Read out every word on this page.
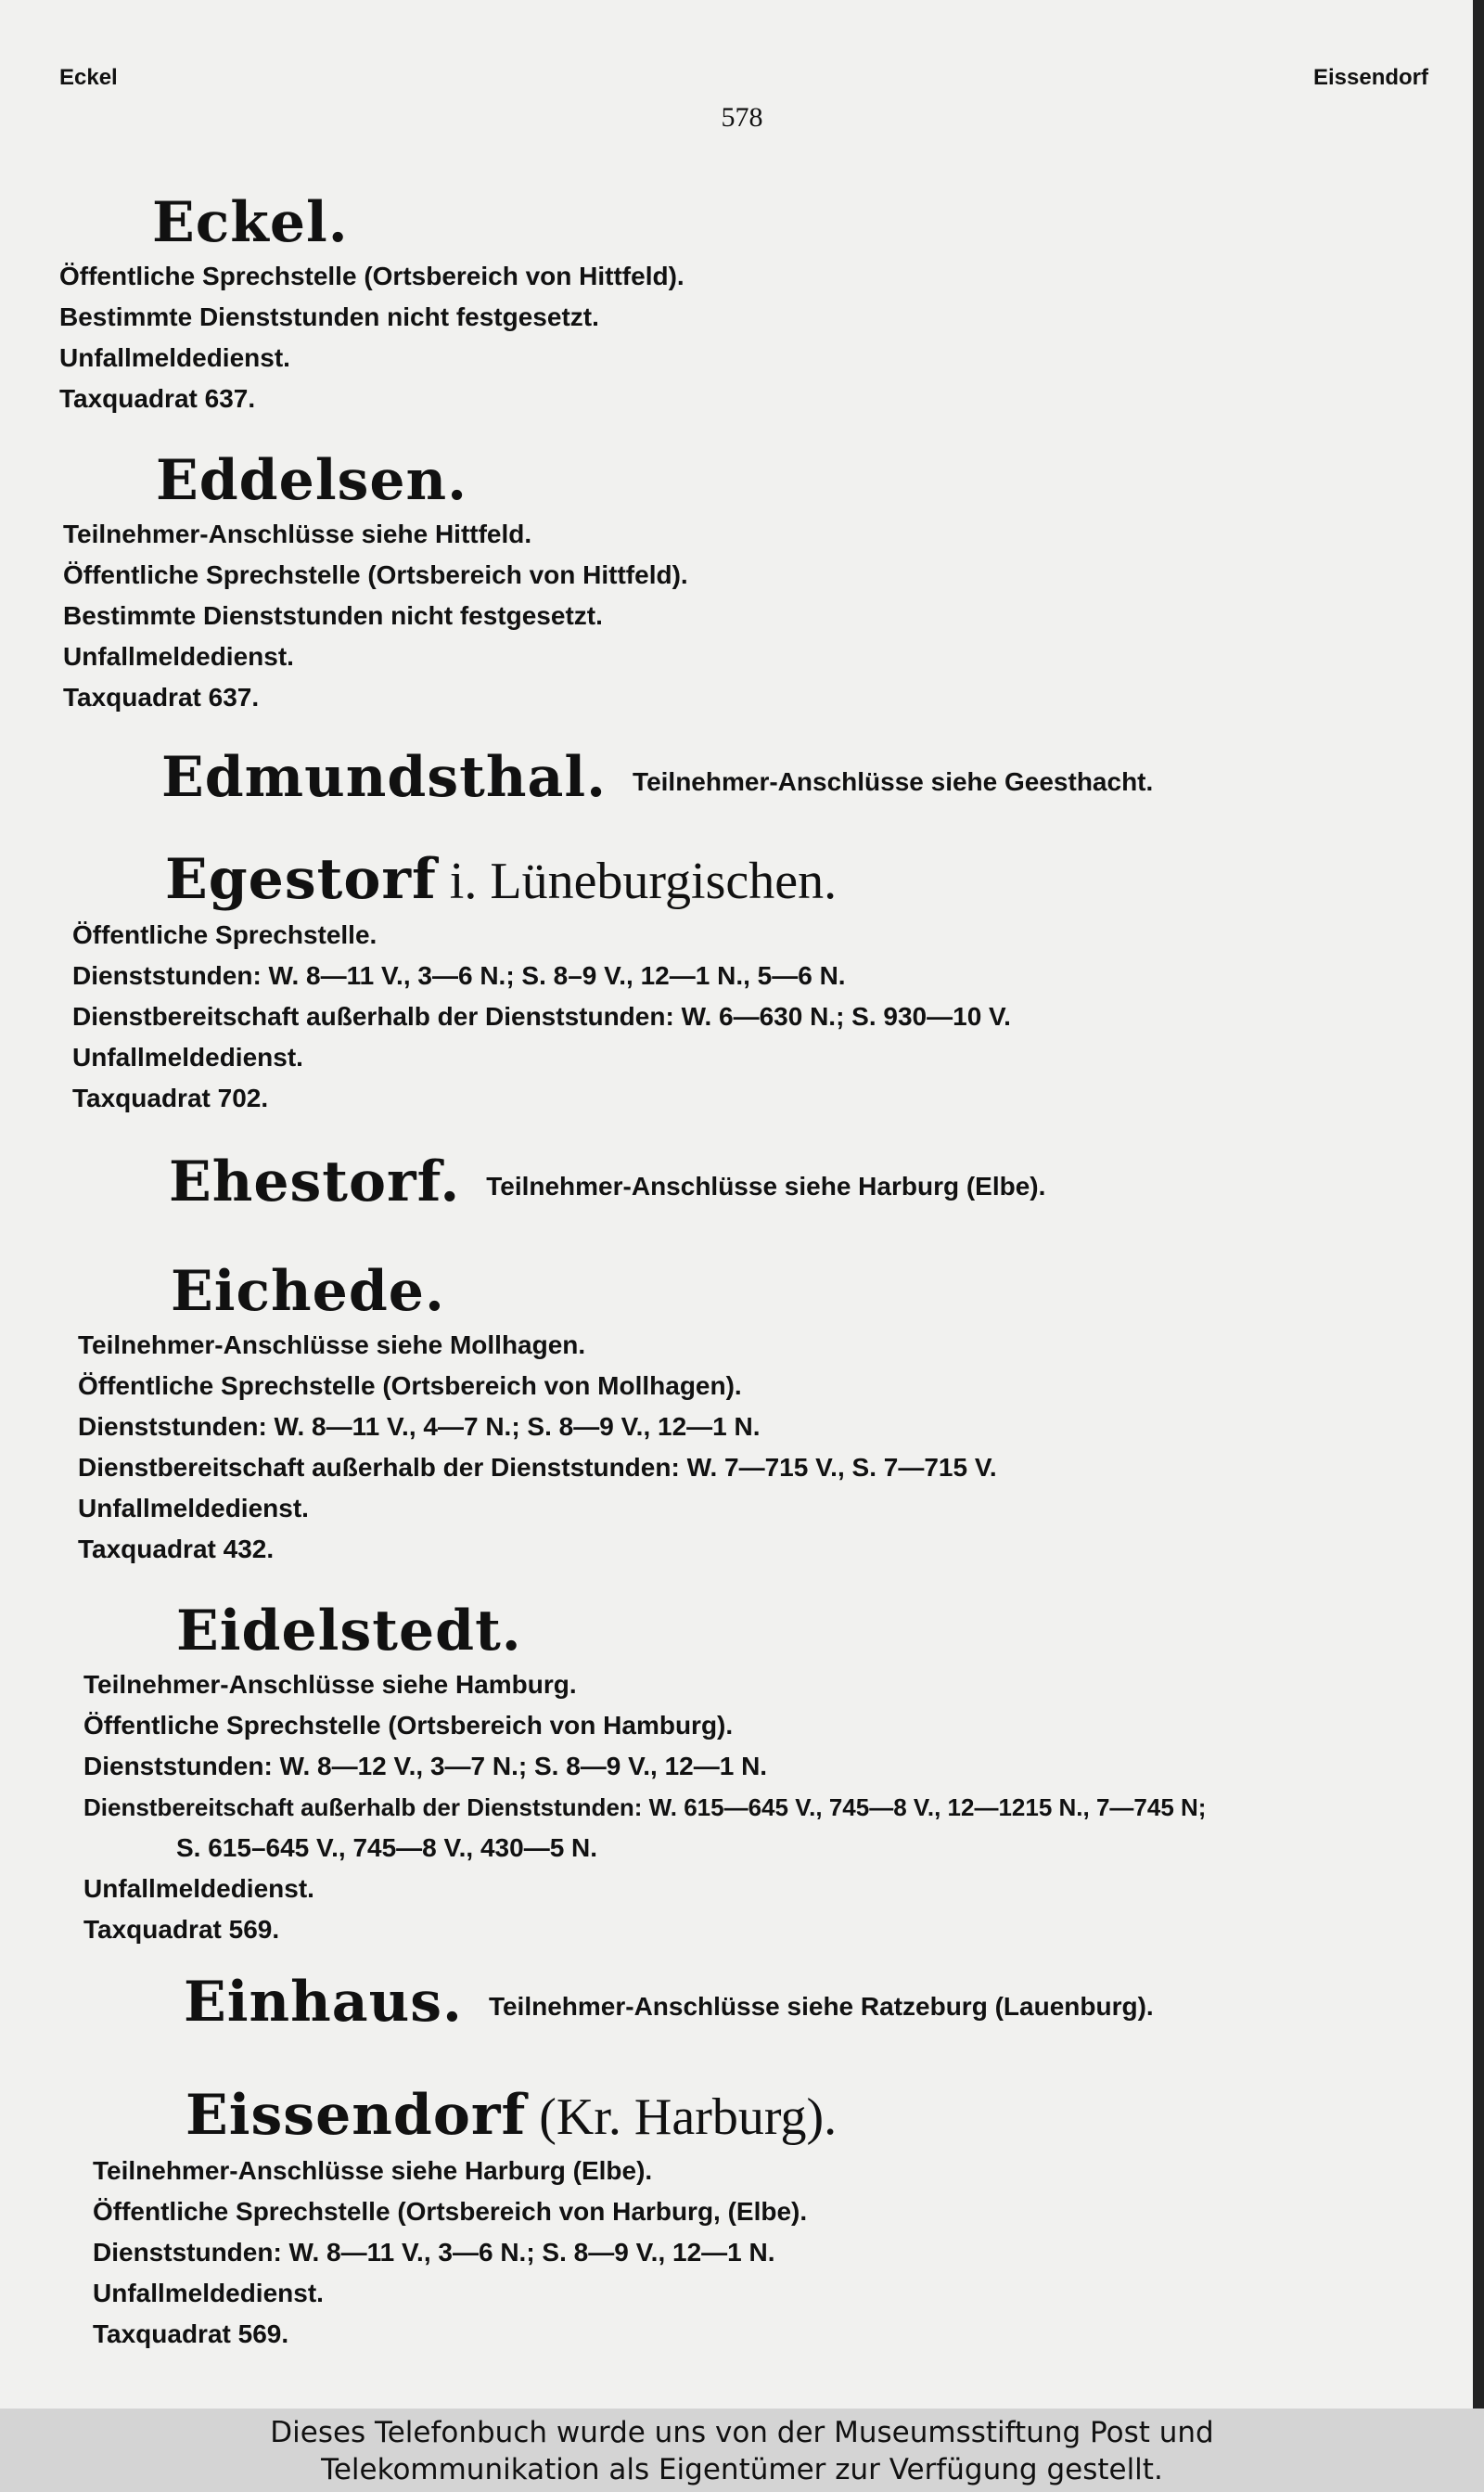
Eckel	Eissendorf
578
Eckel.
Öffentliche Sprechstelle (Ortsbereich von Hittfeld).
Bestimmte Dienststunden nicht festgesetzt.
Unfallmeldedienst.
Taxquadrat 637.
Eddelsen.
Teilnehmer-Anschlüsse siehe Hittfeld.
Öffentliche Sprechstelle (Ortsbereich von Hittfeld).
Bestimmte Dienststunden nicht festgesetzt.
Unfallmeldedienst.
Taxquadrat 637.
Edmundsthal. Teilnehmer-Anschlüsse siehe Geesthacht.
Egestorf i. Lüneburgischen.
Öffentliche Sprechstelle.
Dienststunden: W. 8—11 V., 3—6 N.; S. 8–9 V., 12—1 N., 5—6 N.
Dienstbereitschaft außerhalb der Dienststunden: W. 6—630 N.; S. 930—10 V.
Unfallmeldedienst.
Taxquadrat 702.
Ehestorf. Teilnehmer-Anschlüsse siehe Harburg (Elbe).
Eichede.
Teilnehmer-Anschlüsse siehe Mollhagen.
Öffentliche Sprechstelle (Ortsbereich von Mollhagen).
Dienststunden: W. 8—11 V., 4—7 N.; S. 8—9 V., 12—1 N.
Dienstbereitschaft außerhalb der Dienststunden: W. 7—715 V., S. 7—715 V.
Unfallmeldedienst.
Taxquadrat 432.
Eidelstedt.
Teilnehmer-Anschlüsse siehe Hamburg.
Öffentliche Sprechstelle (Ortsbereich von Hamburg).
Dienststunden: W. 8—12 V., 3—7 N.; S. 8—9 V., 12—1 N.
Dienstbereitschaft außerhalb der Dienststunden: W. 615—645 V., 745—8 V., 12—1215 N., 7—745 N;
S. 615–645 V., 745—8 V., 430—5 N.
Unfallmeldedienst.
Taxquadrat 569.
Einhaus. Teilnehmer-Anschlüsse siehe Ratzeburg (Lauenburg).
Eissendorf (Kr. Harburg).
Teilnehmer-Anschlüsse siehe Harburg (Elbe).
Öffentliche Sprechstelle (Ortsbereich von Harburg, (Elbe).
Dienststunden: W. 8—11 V., 3—6 N.; S. 8—9 V., 12—1 N.
Unfallmeldedienst.
Taxquadrat 569.
Dieses Telefonbuch wurde uns von der Museumsstiftung Post und
Telekommunikation als Eigentümer zur Verfügung gestellt.
